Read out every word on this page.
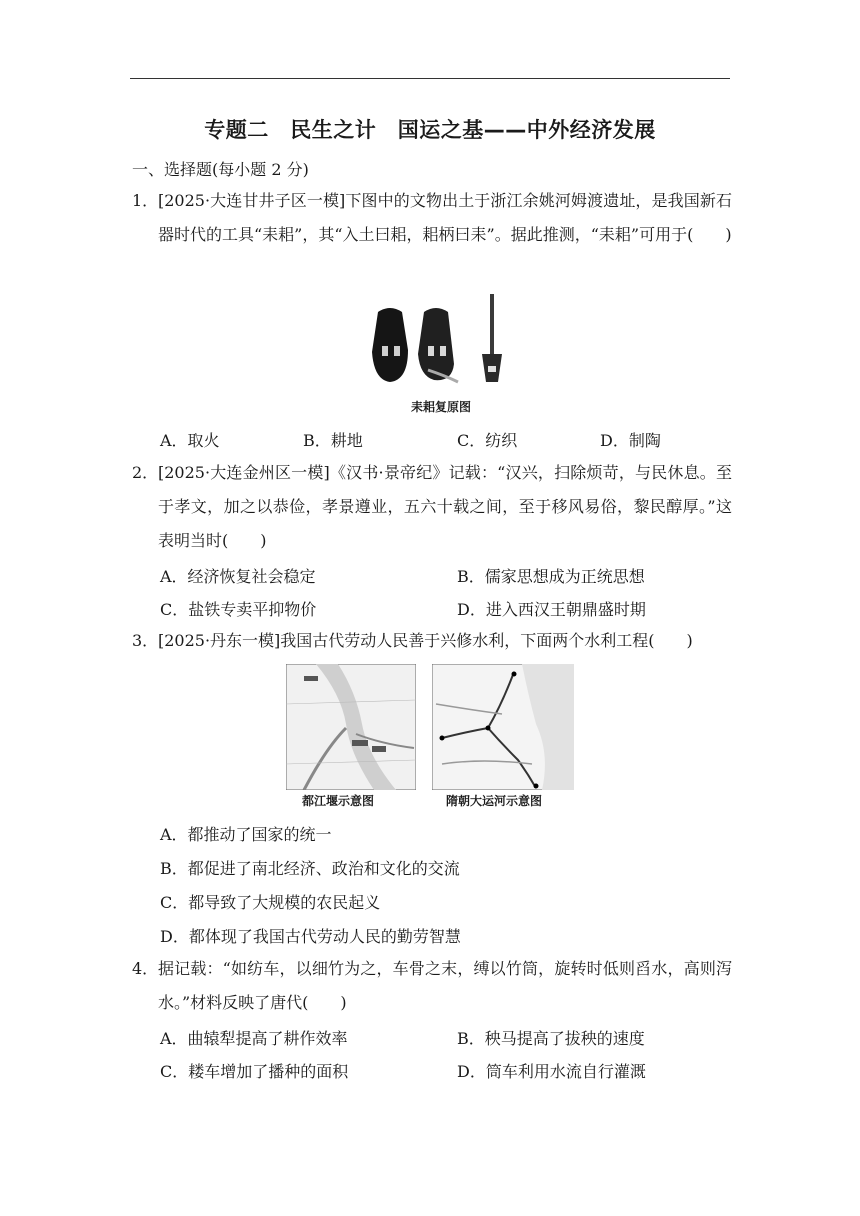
专题二　民生之计　国运之基——中外经济发展
一、选择题(每小题 2 分)
1． [2025·大连甘井子区一模]下图中的文物出土于浙江余姚河姆渡遗址，是我国新石器时代的工具“耒耜”，其“入土曰耜，耜柄曰耒”。据此推测，“耒耜”可用于(　　)
耒耜复原图
A．取火	B．耕地	C．纺织	D．制陶
2． [2025·大连金州区一模]《汉书·景帝纪》记载：“汉兴，扫除烦苛，与民休息。至于孝文，加之以恭俭，孝景遵业，五六十载之间，至于移风易俗，黎民醇厚。”这表明当时(　　)
A．经济恢复社会稳定	B．儒家思想成为正统思想
C．盐铁专卖平抑物价	D．进入西汉王朝鼎盛时期
3． [2025·丹东一模]我国古代劳动人民善于兴修水利，下面两个水利工程(　　)
都江堰示意图	隋朝大运河示意图
A．都推动了国家的统一
B．都促进了南北经济、政治和文化的交流
C．都导致了大规模的农民起义
D．都体现了我国古代劳动人民的勤劳智慧
4． 据记载：“如纺车，以细竹为之，车骨之末，缚以竹筒，旋转时低则舀水，高则泻水。”材料反映了唐代(　　)
A．曲辕犁提高了耕作效率	B．秧马提高了拔秧的速度
C．耧车增加了播种的面积	D．筒车利用水流自行灌溉
